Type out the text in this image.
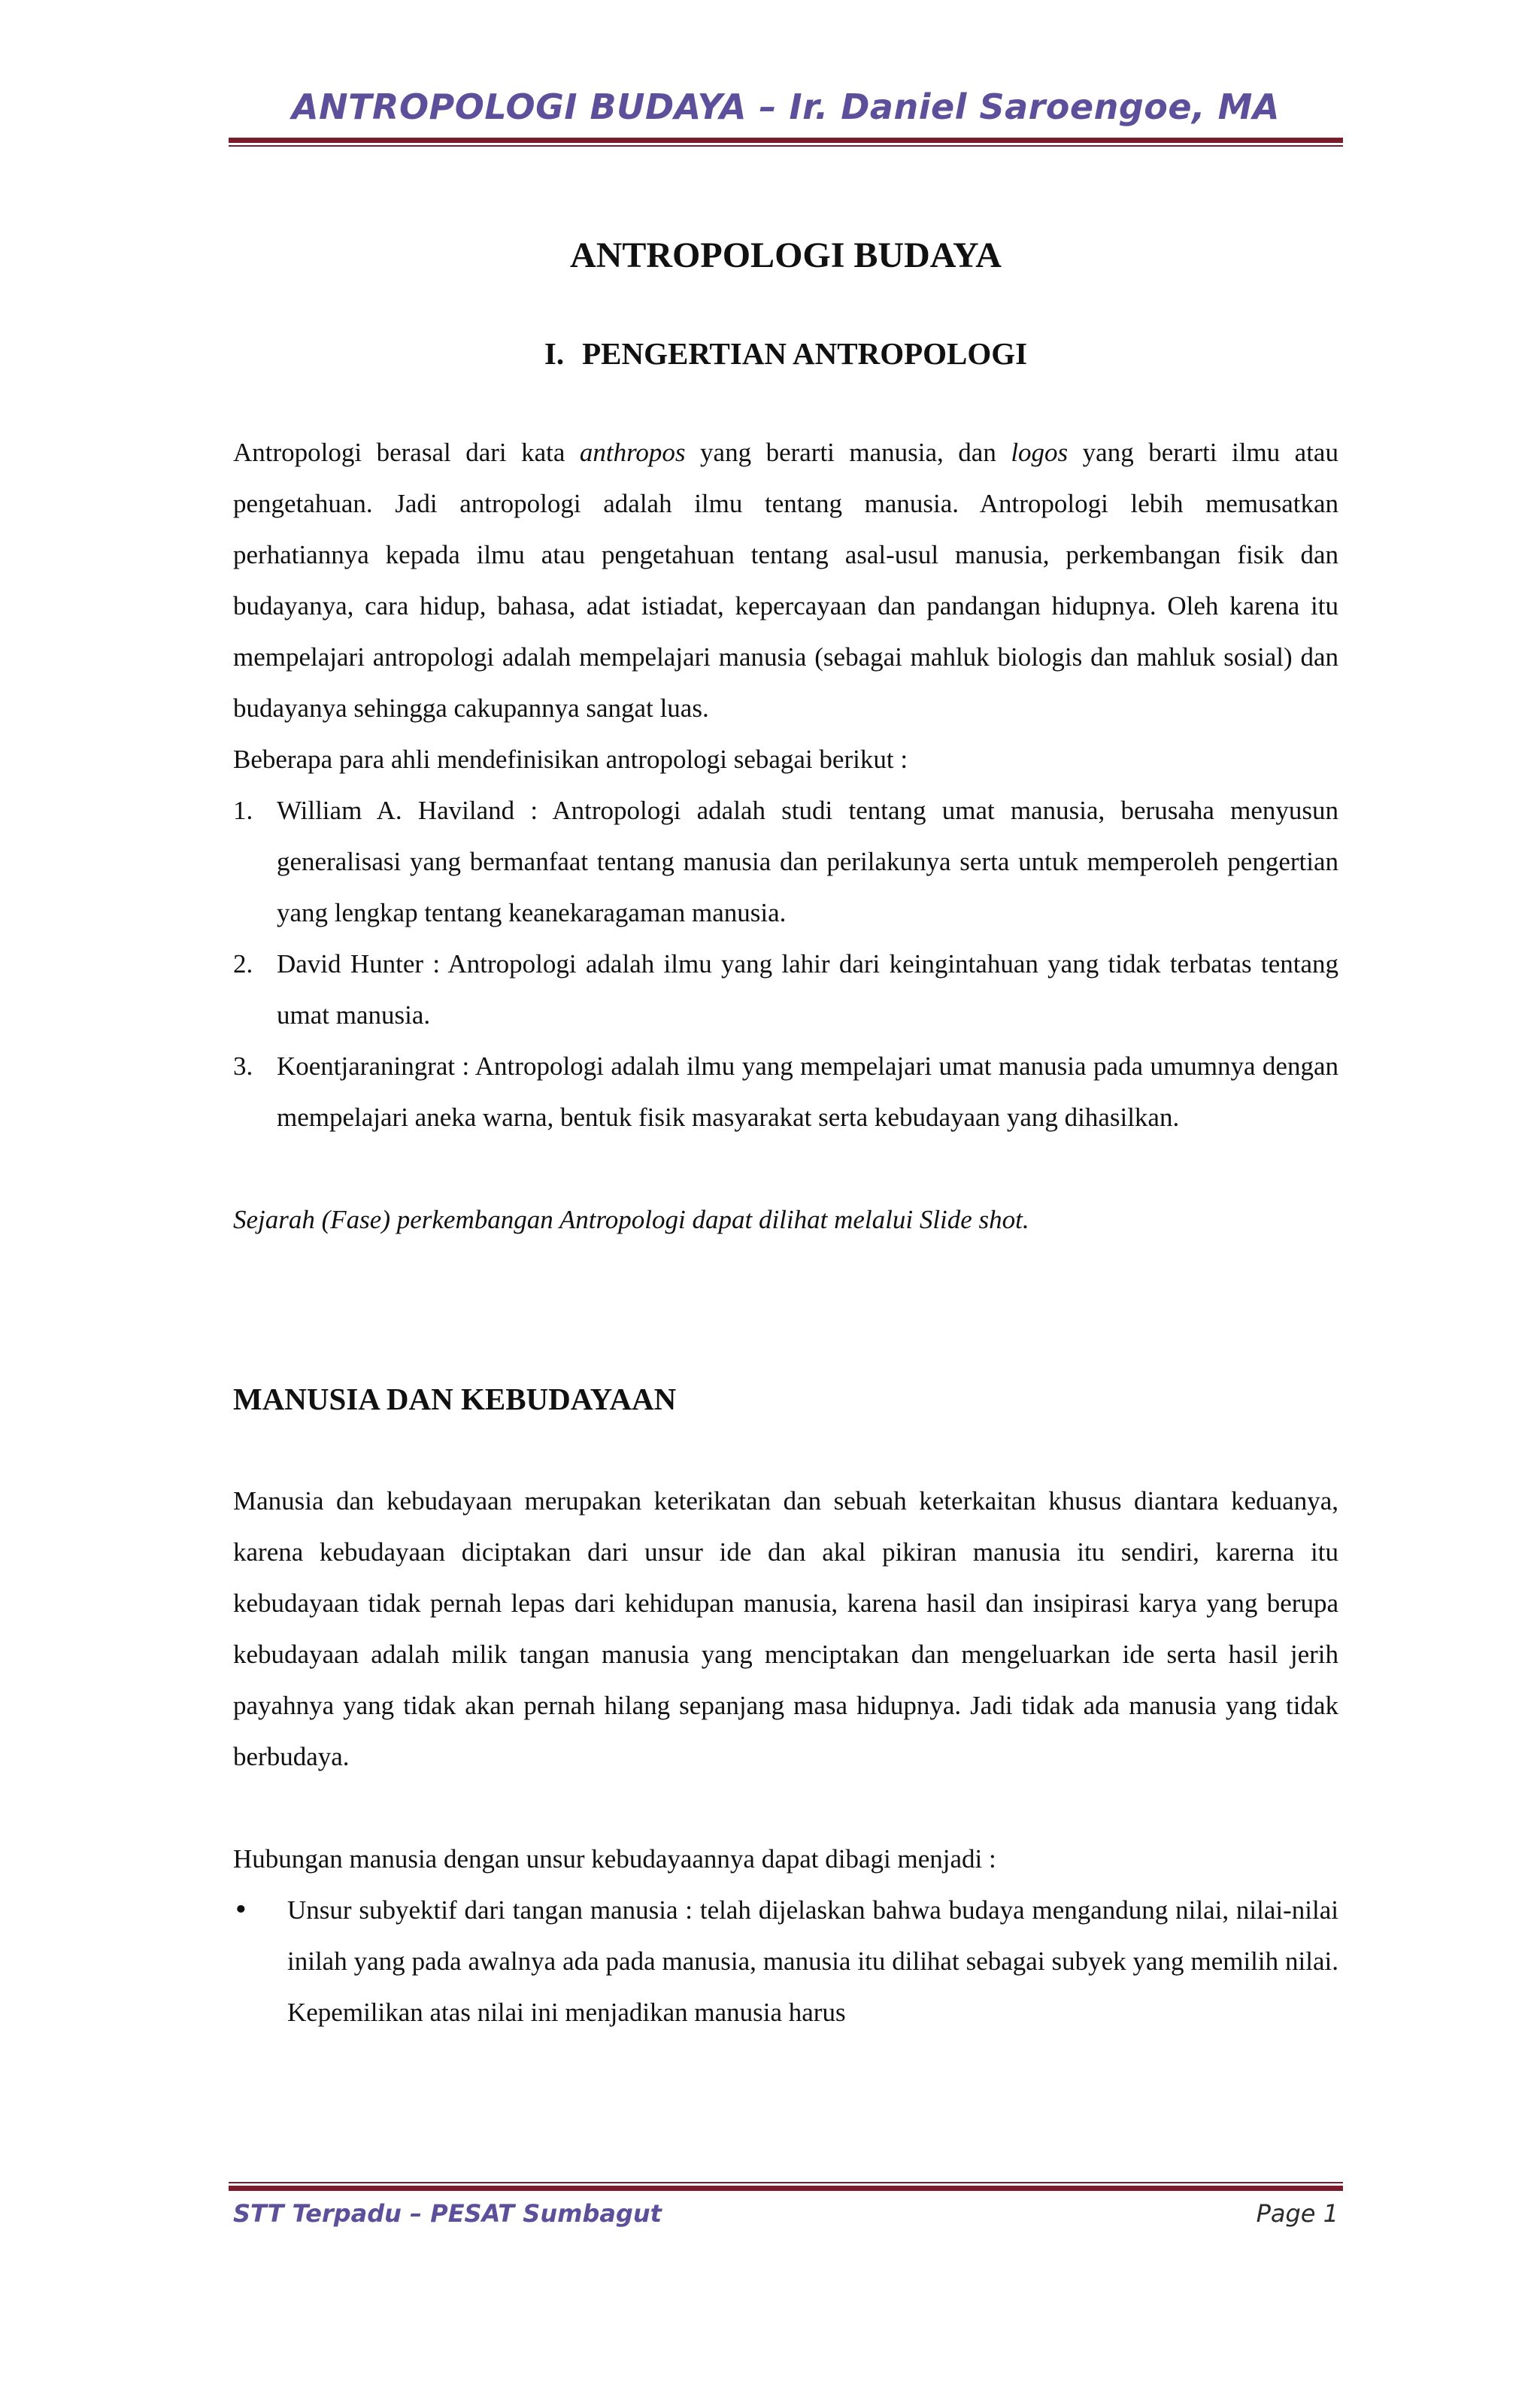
ANTROPOLOGI BUDAYA – Ir. Daniel Saroengoe, MA
ANTROPOLOGI BUDAYA
I. PENGERTIAN ANTROPOLOGI

Antropologi berasal dari kata anthropos yang berarti manusia, dan logos yang berarti ilmu atau pengetahuan. Jadi antropologi adalah ilmu tentang manusia. Antropologi lebih memusatkan perhatiannya kepada ilmu atau pengetahuan tentang asal-usul manusia, perkembangan fisik dan budayanya, cara hidup, bahasa, adat istiadat, kepercayaan dan pandangan hidupnya. Oleh karena itu mempelajari antropologi adalah mempelajari manusia (sebagai mahluk biologis dan mahluk sosial) dan budayanya sehingga cakupannya sangat luas.

Beberapa para ahli mendefinisikan antropologi sebagai berikut :

1. William A. Haviland : Antropologi adalah studi tentang umat manusia, berusaha menyusun generalisasi yang bermanfaat tentang manusia dan perilakunya serta untuk memperoleh pengertian yang lengkap tentang keanekaragaman manusia.
2. David Hunter : Antropologi adalah ilmu yang lahir dari keingintahuan yang tidak terbatas tentang umat manusia.
3. Koentjaraningrat : Antropologi adalah ilmu yang mempelajari umat manusia pada umumnya dengan mempelajari aneka warna, bentuk fisik masyarakat serta kebudayaan yang dihasilkan.

Sejarah (Fase) perkembangan Antropologi dapat dilihat melalui Slide shot.

MANUSIA DAN KEBUDAYAAN

Manusia dan kebudayaan merupakan keterikatan dan sebuah keterkaitan khusus diantara keduanya, karena kebudayaan diciptakan dari unsur ide dan akal pikiran manusia itu sendiri, karerna itu kebudayaan tidak pernah lepas dari kehidupan manusia, karena hasil dan insipirasi karya yang berupa kebudayaan adalah milik tangan manusia yang menciptakan dan mengeluarkan ide serta hasil jerih payahnya yang tidak akan pernah hilang sepanjang masa hidupnya. Jadi tidak ada manusia yang tidak berbudaya.

Hubungan manusia dengan unsur kebudayaannya dapat dibagi menjadi :

• Unsur subyektif dari tangan manusia : telah dijelaskan bahwa budaya mengandung nilai, nilai-nilai inilah yang pada awalnya ada pada manusia, manusia itu dilihat sebagai subyek yang memilih nilai. Kepemilikan atas nilai ini menjadikan manusia harus
STT Terpadu – PESAT Sumbagut	Page 1
